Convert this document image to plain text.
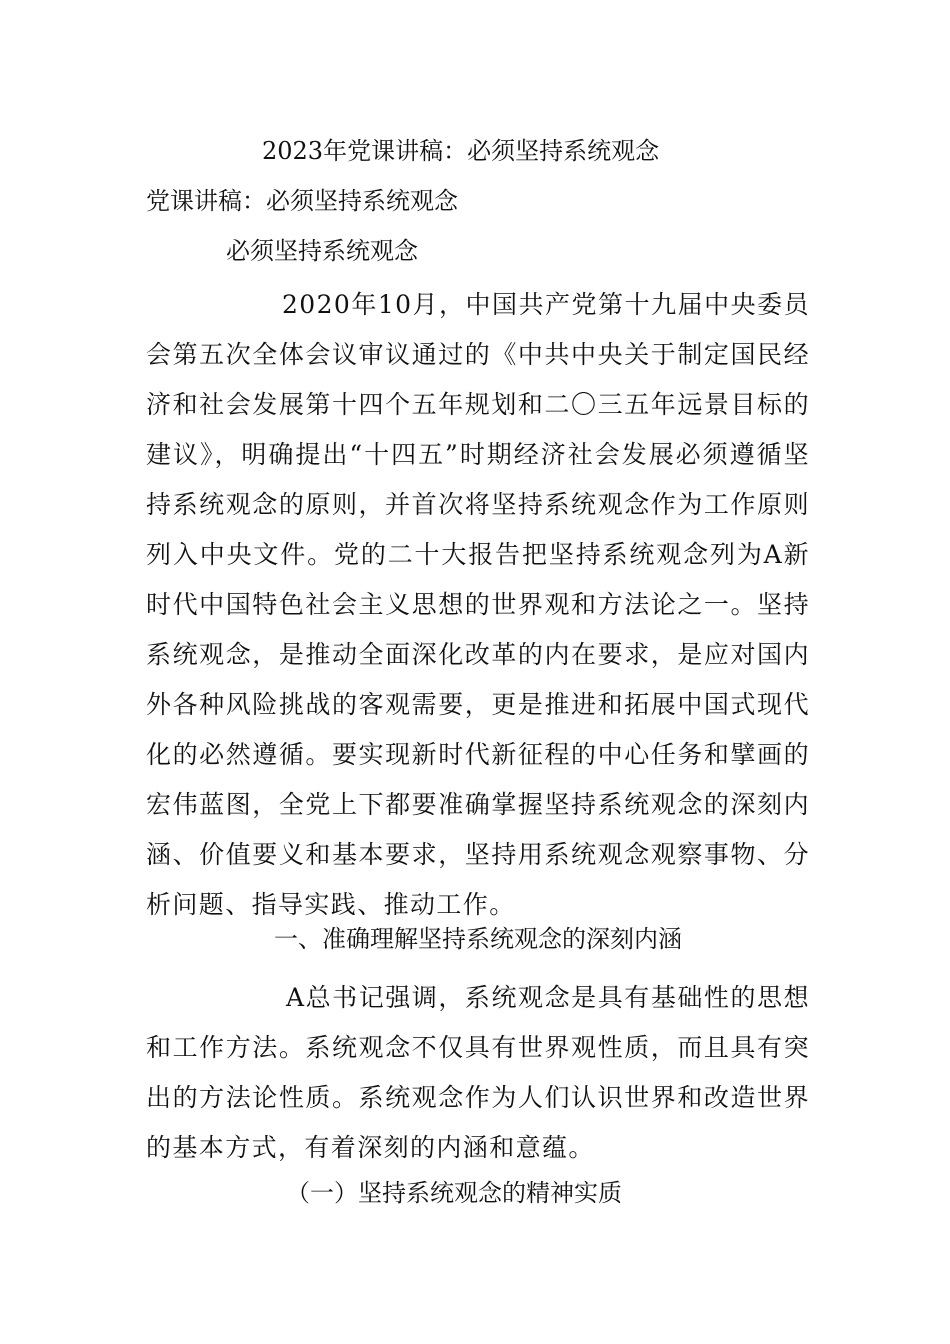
2023年党课讲稿：必须坚持系统观念
党课讲稿：必须坚持系统观念
必须坚持系统观念

2020年10月，中国共产党第十九届中央委员会第五次全体会议审议通过的《中共中央关于制定国民经济和社会发展第十四个五年规划和二〇三五年远景目标的建议》，明确提出“十四五”时期经济社会发展必须遵循坚持系统观念的原则，并首次将坚持系统观念作为工作原则列入中央文件。党的二十大报告把坚持系统观念列为A新时代中国特色社会主义思想的世界观和方法论之一。坚持系统观念，是推动全面深化改革的内在要求，是应对国内外各种风险挑战的客观需要，更是推进和拓展中国式现代化的必然遵循。要实现新时代新征程的中心任务和擘画的宏伟蓝图，全党上下都要准确掌握坚持系统观念的深刻内涵、价值要义和基本要求，坚持用系统观念观察事物、分析问题、指导实践、推动工作。

一、准确理解坚持系统观念的深刻内涵

A总书记强调，系统观念是具有基础性的思想和工作方法。系统观念不仅具有世界观性质，而且具有突出的方法论性质。系统观念作为人们认识世界和改造世界的基本方式，有着深刻的内涵和意蕴。

（一）坚持系统观念的精神实质
